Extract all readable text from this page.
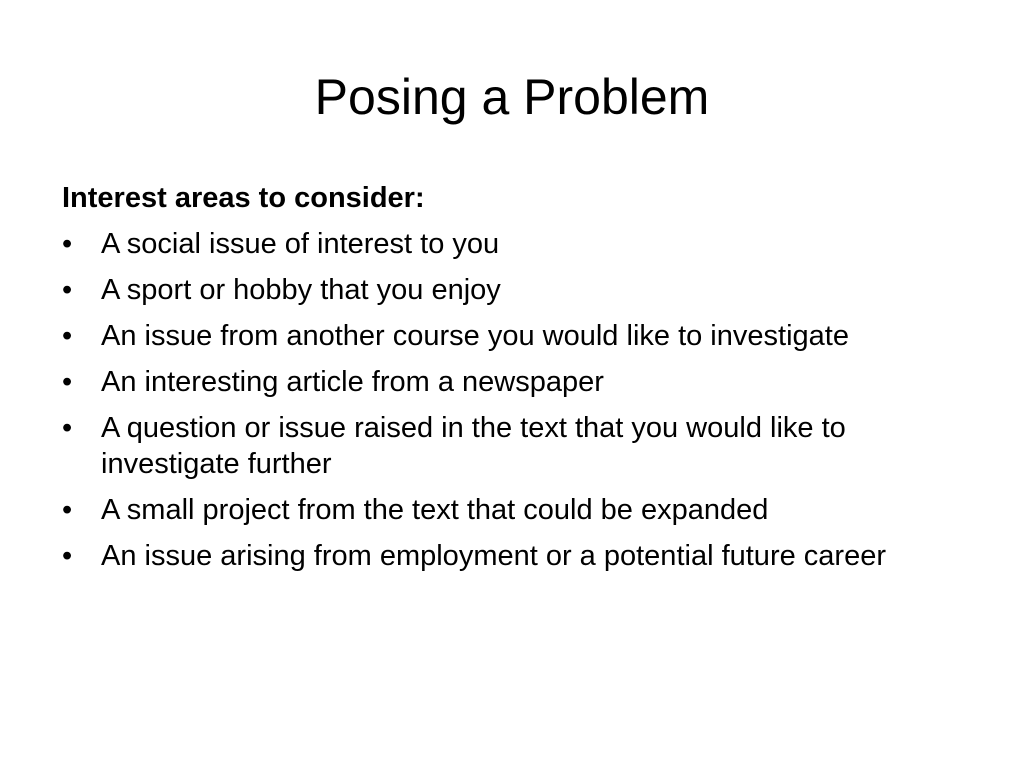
Posing a Problem

Interest areas to consider:

• A social issue of interest to you
• A sport or hobby that you enjoy
• An issue from another course you would like to investigate
• An interesting article from a newspaper
• A question or issue raised in the text that you would like to investigate further
• A small project from the text that could be expanded
• An issue arising from employment or a potential future career
